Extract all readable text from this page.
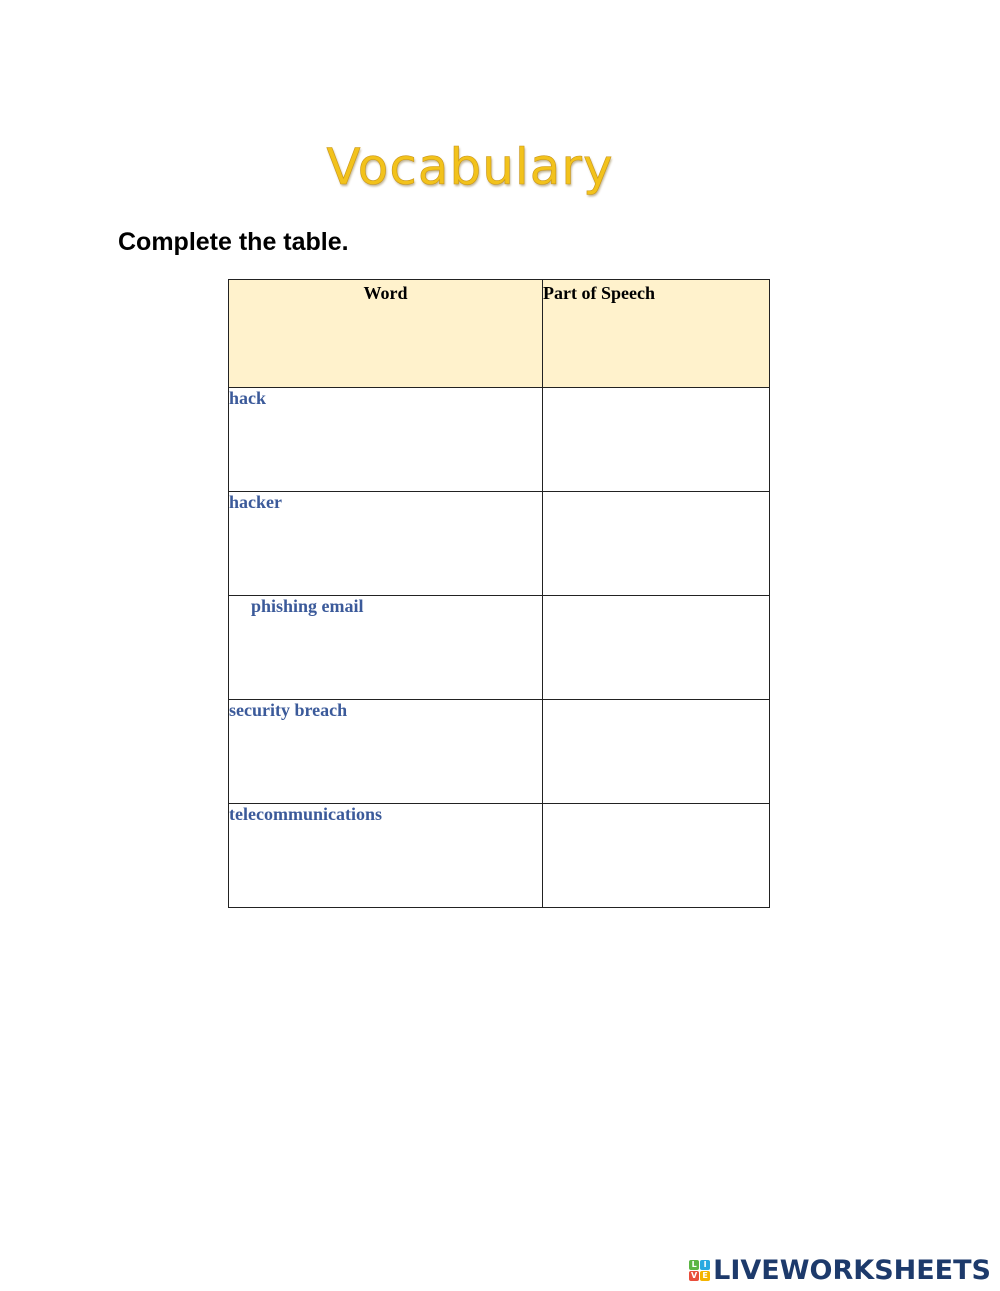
Vocabulary
Complete the table.
Word	Part of Speech
hack	
hacker	
phishing email	
security breach	
telecommunications	
L I
V E LIVEWORKSHEETS
